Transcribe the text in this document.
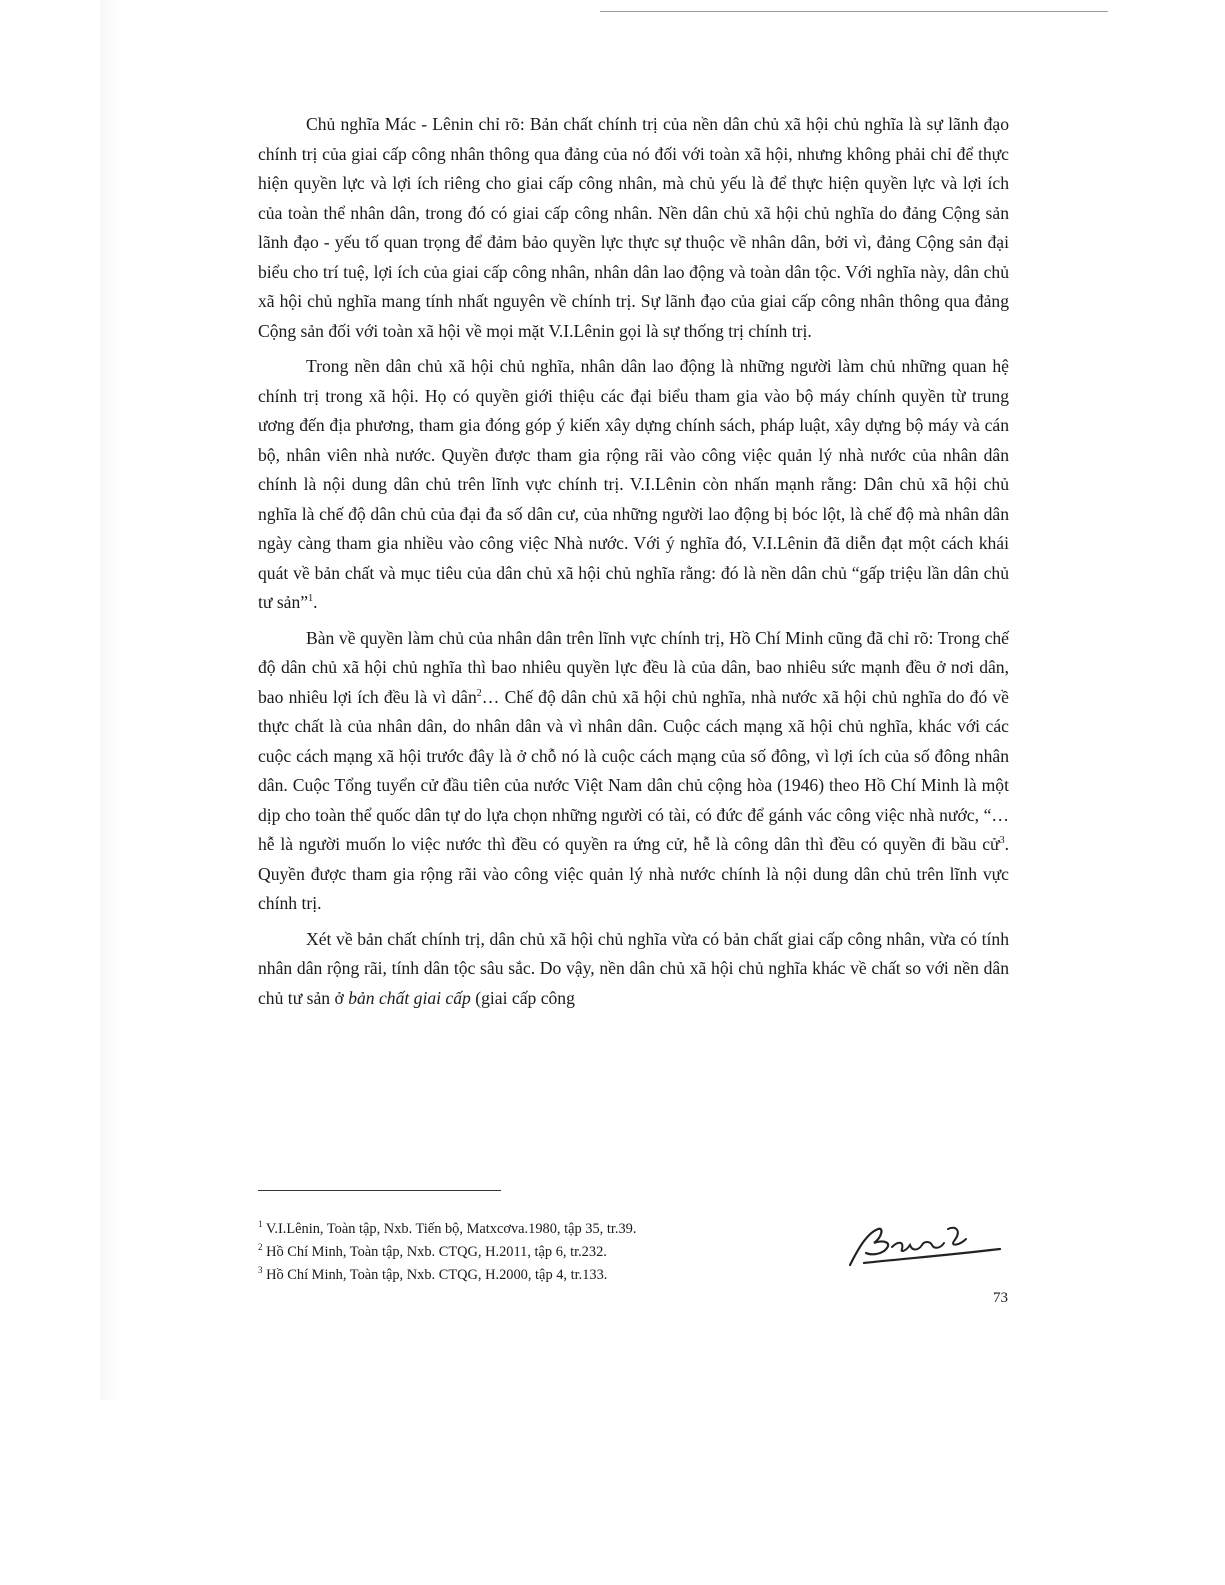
Chủ nghĩa Mác - Lênin chỉ rõ: Bản chất chính trị của nền dân chủ xã hội chủ nghĩa là sự lãnh đạo chính trị của giai cấp công nhân thông qua đảng của nó đối với toàn xã hội, nhưng không phải chỉ để thực hiện quyền lực và lợi ích riêng cho giai cấp công nhân, mà chủ yếu là để thực hiện quyền lực và lợi ích của toàn thể nhân dân, trong đó có giai cấp công nhân. Nền dân chủ xã hội chủ nghĩa do đảng Cộng sản lãnh đạo - yếu tố quan trọng để đảm bảo quyền lực thực sự thuộc về nhân dân, bởi vì, đảng Cộng sản đại biểu cho trí tuệ, lợi ích của giai cấp công nhân, nhân dân lao động và toàn dân tộc. Với nghĩa này, dân chủ xã hội chủ nghĩa mang tính nhất nguyên về chính trị. Sự lãnh đạo của giai cấp công nhân thông qua đảng Cộng sản đối với toàn xã hội về mọi mặt V.I.Lênin gọi là sự thống trị chính trị.

Trong nền dân chủ xã hội chủ nghĩa, nhân dân lao động là những người làm chủ những quan hệ chính trị trong xã hội. Họ có quyền giới thiệu các đại biểu tham gia vào bộ máy chính quyền từ trung ương đến địa phương, tham gia đóng góp ý kiến xây dựng chính sách, pháp luật, xây dựng bộ máy và cán bộ, nhân viên nhà nước. Quyền được tham gia rộng rãi vào công việc quản lý nhà nước của nhân dân chính là nội dung dân chủ trên lĩnh vực chính trị. V.I.Lênin còn nhấn mạnh rằng: Dân chủ xã hội chủ nghĩa là chế độ dân chủ của đại đa số dân cư, của những người lao động bị bóc lột, là chế độ mà nhân dân ngày càng tham gia nhiều vào công việc Nhà nước. Với ý nghĩa đó, V.I.Lênin đã diễn đạt một cách khái quát về bản chất và mục tiêu của dân chủ xã hội chủ nghĩa rằng: đó là nền dân chủ “gấp triệu lần dân chủ tư sản”$^1$.

Bàn về quyền làm chủ của nhân dân trên lĩnh vực chính trị, Hồ Chí Minh cũng đã chỉ rõ: Trong chế độ dân chủ xã hội chủ nghĩa thì bao nhiêu quyền lực đều là của dân, bao nhiêu sức mạnh đều ở nơi dân, bao nhiêu lợi ích đều là vì dân$^2$… Chế độ dân chủ xã hội chủ nghĩa, nhà nước xã hội chủ nghĩa do đó về thực chất là của nhân dân, do nhân dân và vì nhân dân. Cuộc cách mạng xã hội chủ nghĩa, khác với các cuộc cách mạng xã hội trước đây là ở chỗ nó là cuộc cách mạng của số đông, vì lợi ích của số đông nhân dân. Cuộc Tổng tuyển cử đầu tiên của nước Việt Nam dân chủ cộng hòa (1946) theo Hồ Chí Minh là một dịp cho toàn thể quốc dân tự do lựa chọn những người có tài, có đức để gánh vác công việc nhà nước, “… hễ là người muốn lo việc nước thì đều có quyền ra ứng cử, hễ là công dân thì đều có quyền đi bầu cử$^3$. Quyền được tham gia rộng rãi vào công việc quản lý nhà nước chính là nội dung dân chủ trên lĩnh vực chính trị.

Xét về bản chất chính trị, dân chủ xã hội chủ nghĩa vừa có bản chất giai cấp công nhân, vừa có tính nhân dân rộng rãi, tính dân tộc sâu sắc. Do vậy, nền dân chủ xã hội chủ nghĩa khác về chất so với nền dân chủ tư sản ở bản chất giai cấp (giai cấp công

$^1$ V.I.Lênin, Toàn tập, Nxb. Tiến bộ, Matxcơva.1980, tập 35, tr.39.

$^2$ Hồ Chí Minh, Toàn tập, Nxb. CTQG, H.2011, tập 6, tr.232.

$^3$ Hồ Chí Minh, Toàn tập, Nxb. CTQG, H.2000, tập 4, tr.133.

73
